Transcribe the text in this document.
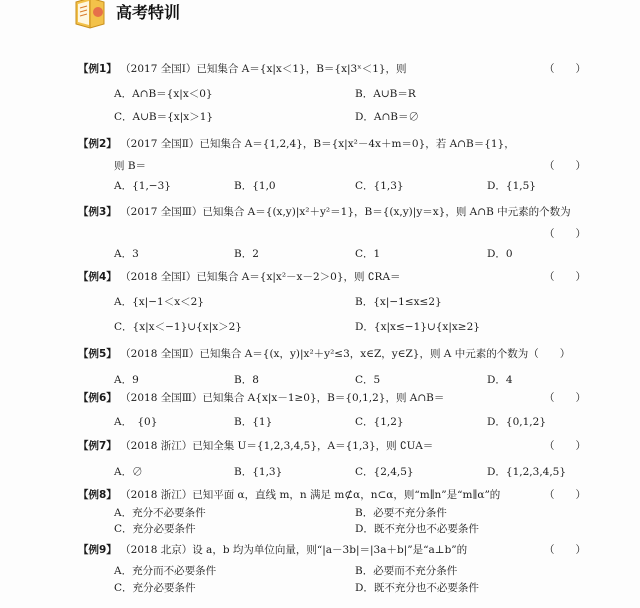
高考特训
【例1】 （2017 全国Ⅰ）已知集合 A＝{x|x＜1}，B＝{x|3ˣ＜1}，则	（　　）
A．A∩B＝{x|x＜0}	B．A∪B＝R
C．A∪B＝{x|x＞1}	D．A∩B＝∅
【例2】 （2017 全国Ⅱ）已知集合 A＝{1,2,4}，B＝{x|x²－4x＋m＝0}，若 A∩B＝{1}，
则 B＝	（　　）
A．{1,−3}	B．{1,0	C．{1,3}	D．{1,5}
【例3】 （2017 全国Ⅲ）已知集合 A＝{(x,y)|x²＋y²＝1}，B＝{(x,y)|y＝x}，则 A∩B 中元素的个数为
（　　）
A．3	B．2	C．1	D．0
【例4】 （2018 全国Ⅰ）已知集合 A＝{x|x²－x－2＞0}，则 ∁RA＝	（　　）
A．{x|−1＜x＜2}	B．{x|−1≤x≤2}
C．{x|x＜−1}∪{x|x＞2}	D．{x|x≤−1}∪{x|x≥2}
【例5】 （2018 全国Ⅱ）已知集合 A＝{(x，y)|x²＋y²≤3，x∈Z，y∈Z}，则 A 中元素的个数为（　　）
A．9	B．8	C．5	D．4
【例6】 （2018 全国Ⅲ）已知集合 A{x|x－1≥0}，B＝{0,1,2}，则 A∩B＝	（　　）
A．　{0}	B．{1}	C．{1,2}	D．{0,1,2}
【例7】 （2018 浙江）已知全集 U＝{1,2,3,4,5}，A＝{1,3}，则 ∁UA＝	（　　）
A．∅	B．{1,3}	C．{2,4,5}	D．{1,2,3,4,5}
【例8】 （2018 浙江）已知平面 α，直线 m，n 满足 m⊄α，n⊂α，则“m∥n”是“m∥α”的	（　　）
A．充分不必要条件	B．必要不充分条件
C．充分必要条件	D．既不充分也不必要条件
【例9】 （2018 北京）设 a，b 均为单位向量，则“|a－3b|＝|3a＋b|”是“a⊥b”的	（　　）
A．充分而不必要条件	B．必要而不充分条件
C．充分必要条件	D．既不充分也不必要条件
